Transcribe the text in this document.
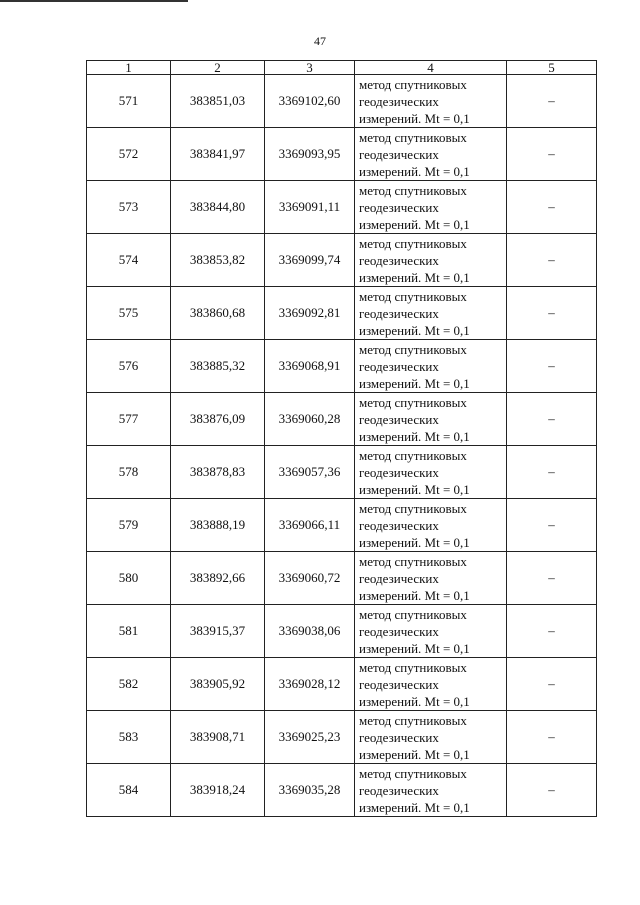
47
1	2	3	4	5
571	383851,03	3369102,60	метод спутниковых
геодезических
измерений. Mt = 0,1	–
572	383841,97	3369093,95	метод спутниковых
геодезических
измерений. Mt = 0,1	–
573	383844,80	3369091,11	метод спутниковых
геодезических
измерений. Mt = 0,1	–
574	383853,82	3369099,74	метод спутниковых
геодезических
измерений. Mt = 0,1	–
575	383860,68	3369092,81	метод спутниковых
геодезических
измерений. Mt = 0,1	–
576	383885,32	3369068,91	метод спутниковых
геодезических
измерений. Mt = 0,1	–
577	383876,09	3369060,28	метод спутниковых
геодезических
измерений. Mt = 0,1	–
578	383878,83	3369057,36	метод спутниковых
геодезических
измерений. Mt = 0,1	–
579	383888,19	3369066,11	метод спутниковых
геодезических
измерений. Mt = 0,1	–
580	383892,66	3369060,72	метод спутниковых
геодезических
измерений. Mt = 0,1	–
581	383915,37	3369038,06	метод спутниковых
геодезических
измерений. Mt = 0,1	–
582	383905,92	3369028,12	метод спутниковых
геодезических
измерений. Mt = 0,1	–
583	383908,71	3369025,23	метод спутниковых
геодезических
измерений. Mt = 0,1	–
584	383918,24	3369035,28	метод спутниковых
геодезических
измерений. Mt = 0,1	–
